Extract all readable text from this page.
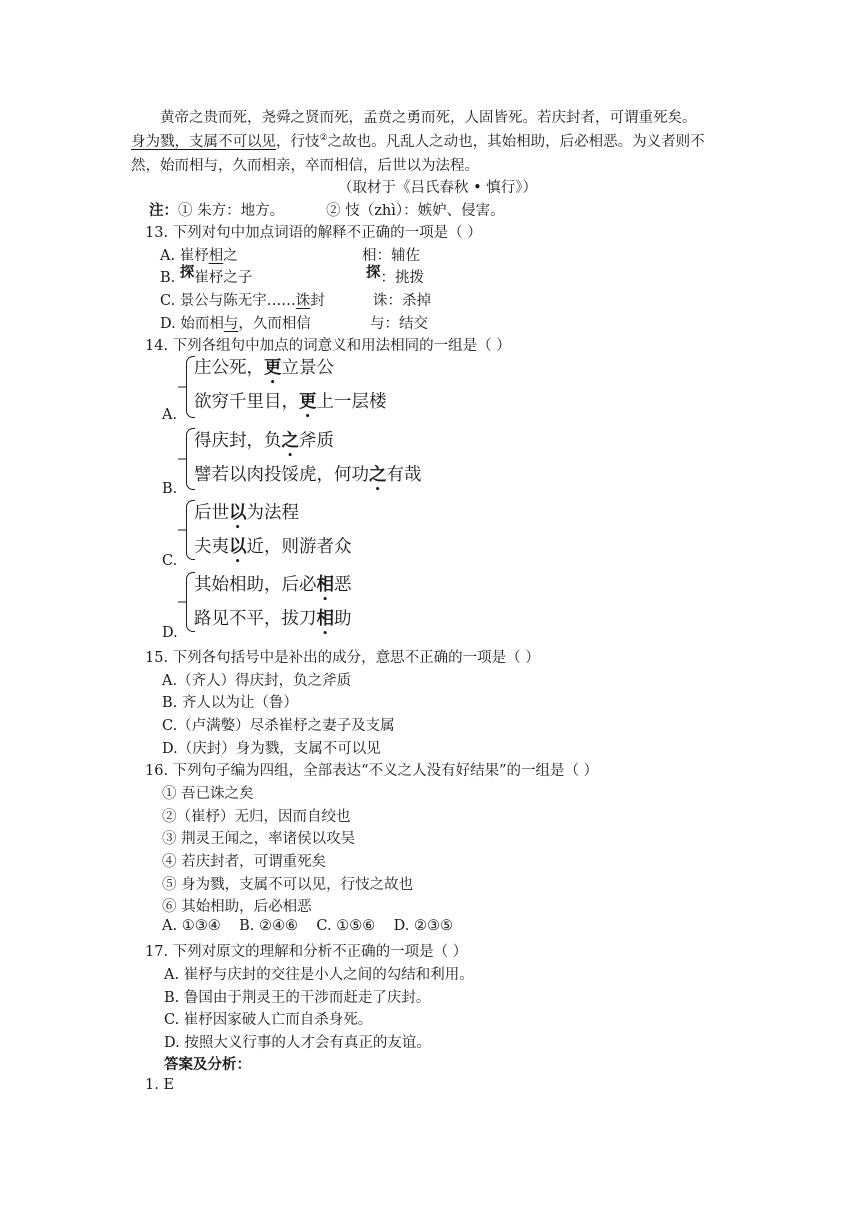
黄帝之贵而死，尧舜之贤而死，孟贲之勇而死，人固皆死。若庆封者，可谓重死矣。
身为戮，支属不可以见，行忮②之故也。凡乱人之动也，其始相助，后必相恶。为义者则不
然，始而相与，久而相亲，卒而相信，后世以为法程。
（取材于《吕氏春秋 • 慎行》）
注：① 朱方：地方。	② 忮（zhì）：嫉妒、侵害。
13. 下列对句中加点词语的解释不正确的一项是（ ）
A. 崔杼相之	相：辅佐
B. 探崔杼之子	探：挑拨
C. 景公与陈无宇……诛封	诛：杀掉
D. 始而相与，久而相信	与：结交
14. 下列各组句中加点的词意义和用法相同的一组是（ ）
庄公死，更立景公
欲穷千里目，更上一层楼
A.
得庆封，负之斧质
譬若以肉投馁虎，何功之有哉
B.
后世以为法程
夫夷以近，则游者众
C.
其始相助，后必相恶
路见不平，拔刀相助
D.
15. 下列各句括号中是补出的成分，意思不正确的一项是（ ）
A.（齐人）得庆封，负之斧质
B. 齐人以为让（鲁）
C.（卢满嫳）尽杀崔杼之妻子及支属
D.（庆封）身为戮，支属不可以见
16. 下列句子编为四组，全部表达“不义之人没有好结果”的一组是（ ）
① 吾已诛之矣
②（崔杼）无归，因而自绞也
③ 荆灵王闻之，率诸侯以攻吴
④ 若庆封者，可谓重死矣
⑤ 身为戮，支属不可以见，行忮之故也
⑥ 其始相助，后必相恶
A. ①③④    B. ②④⑥    C. ①⑤⑥    D. ②③⑤
17. 下列对原文的理解和分析不正确的一项是（ ）
A. 崔杼与庆封的交往是小人之间的勾结和利用。
B. 鲁国由于荆灵王的干涉而赶走了庆封。
C. 崔杼因家破人亡而自杀身死。
D. 按照大义行事的人才会有真正的友谊。
答案及分析：
1. E
